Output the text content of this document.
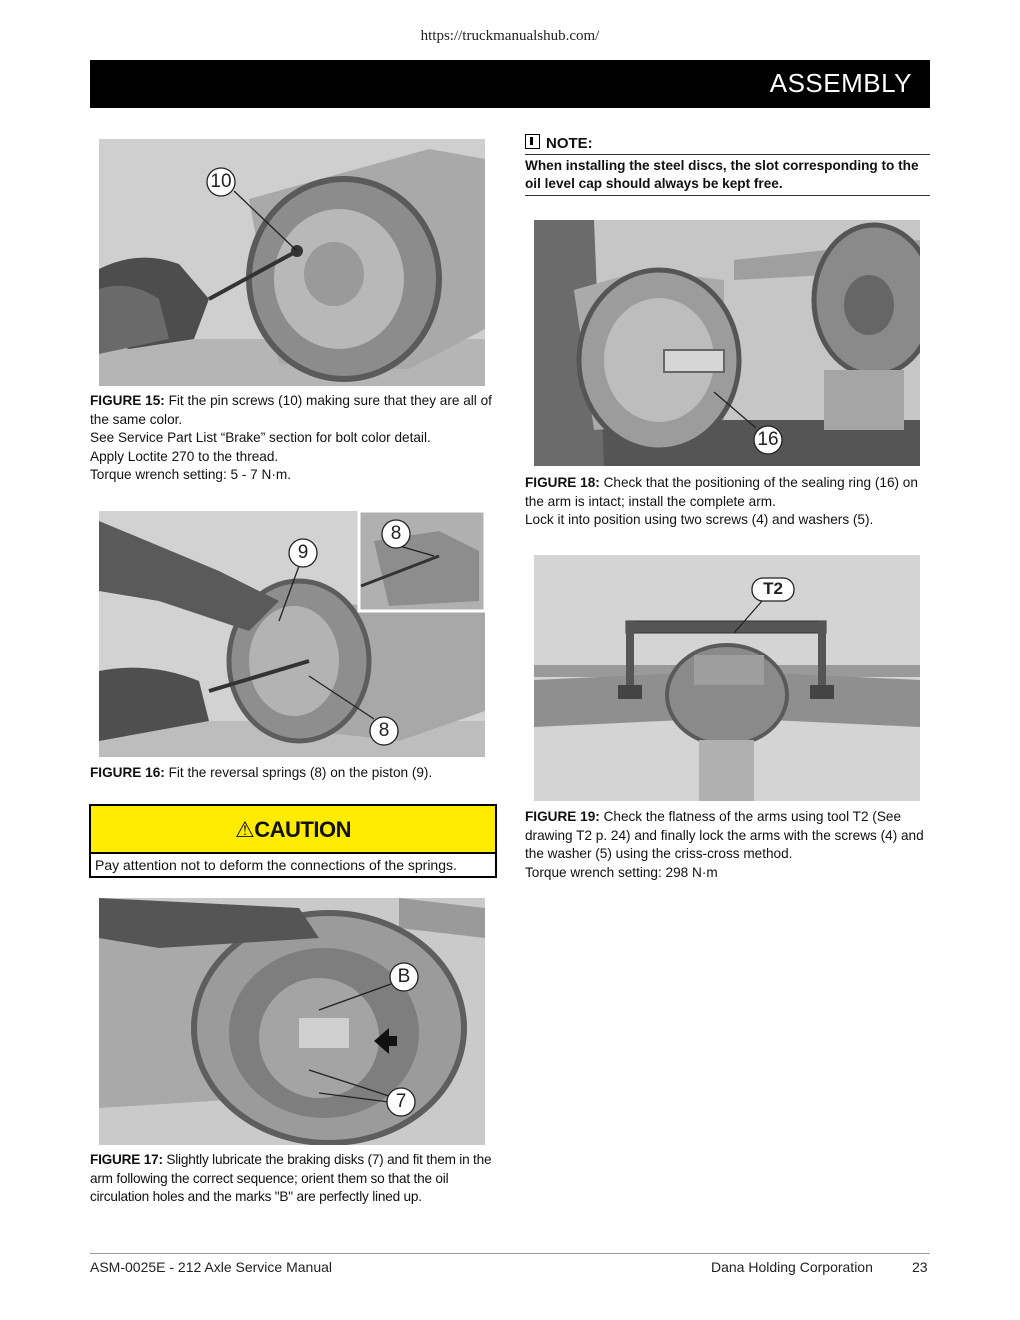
https://truckmanualshub.com/
ASSEMBLY
10
FIGURE 15: Fit the pin screws (10) making sure that they are all of the same color.
See Service Part List “Brake” section for bolt color detail.
Apply Loctite 270 to the thread.
Torque wrench setting: 5 - 7 N·m.
9
8
8
FIGURE 16: Fit the reversal springs (8) on the piston (9).
⚠CAUTION
Pay attention not to deform the connections of the springs.
B
7
FIGURE 17: Slightly lubricate the braking disks (7) and fit them in the arm following the correct sequence; orient them so that the oil circulation holes and the marks "B" are perfectly lined up.
NOTE:
When installing the steel discs, the slot corresponding to the oil level cap should always be kept free.
16
FIGURE 18: Check that the positioning of the sealing ring (16) on the arm is intact; install the complete arm.
Lock it into position using two screws (4) and washers (5).
T2
FIGURE 19: Check the flatness of the arms using tool T2 (See drawing T2 p. 24) and finally lock the arms with the screws (4) and the washer (5) using the criss-cross method.
Torque wrench setting: 298 N·m
ASM-0025E - 212 Axle Service Manual	Dana Holding Corporation	23
